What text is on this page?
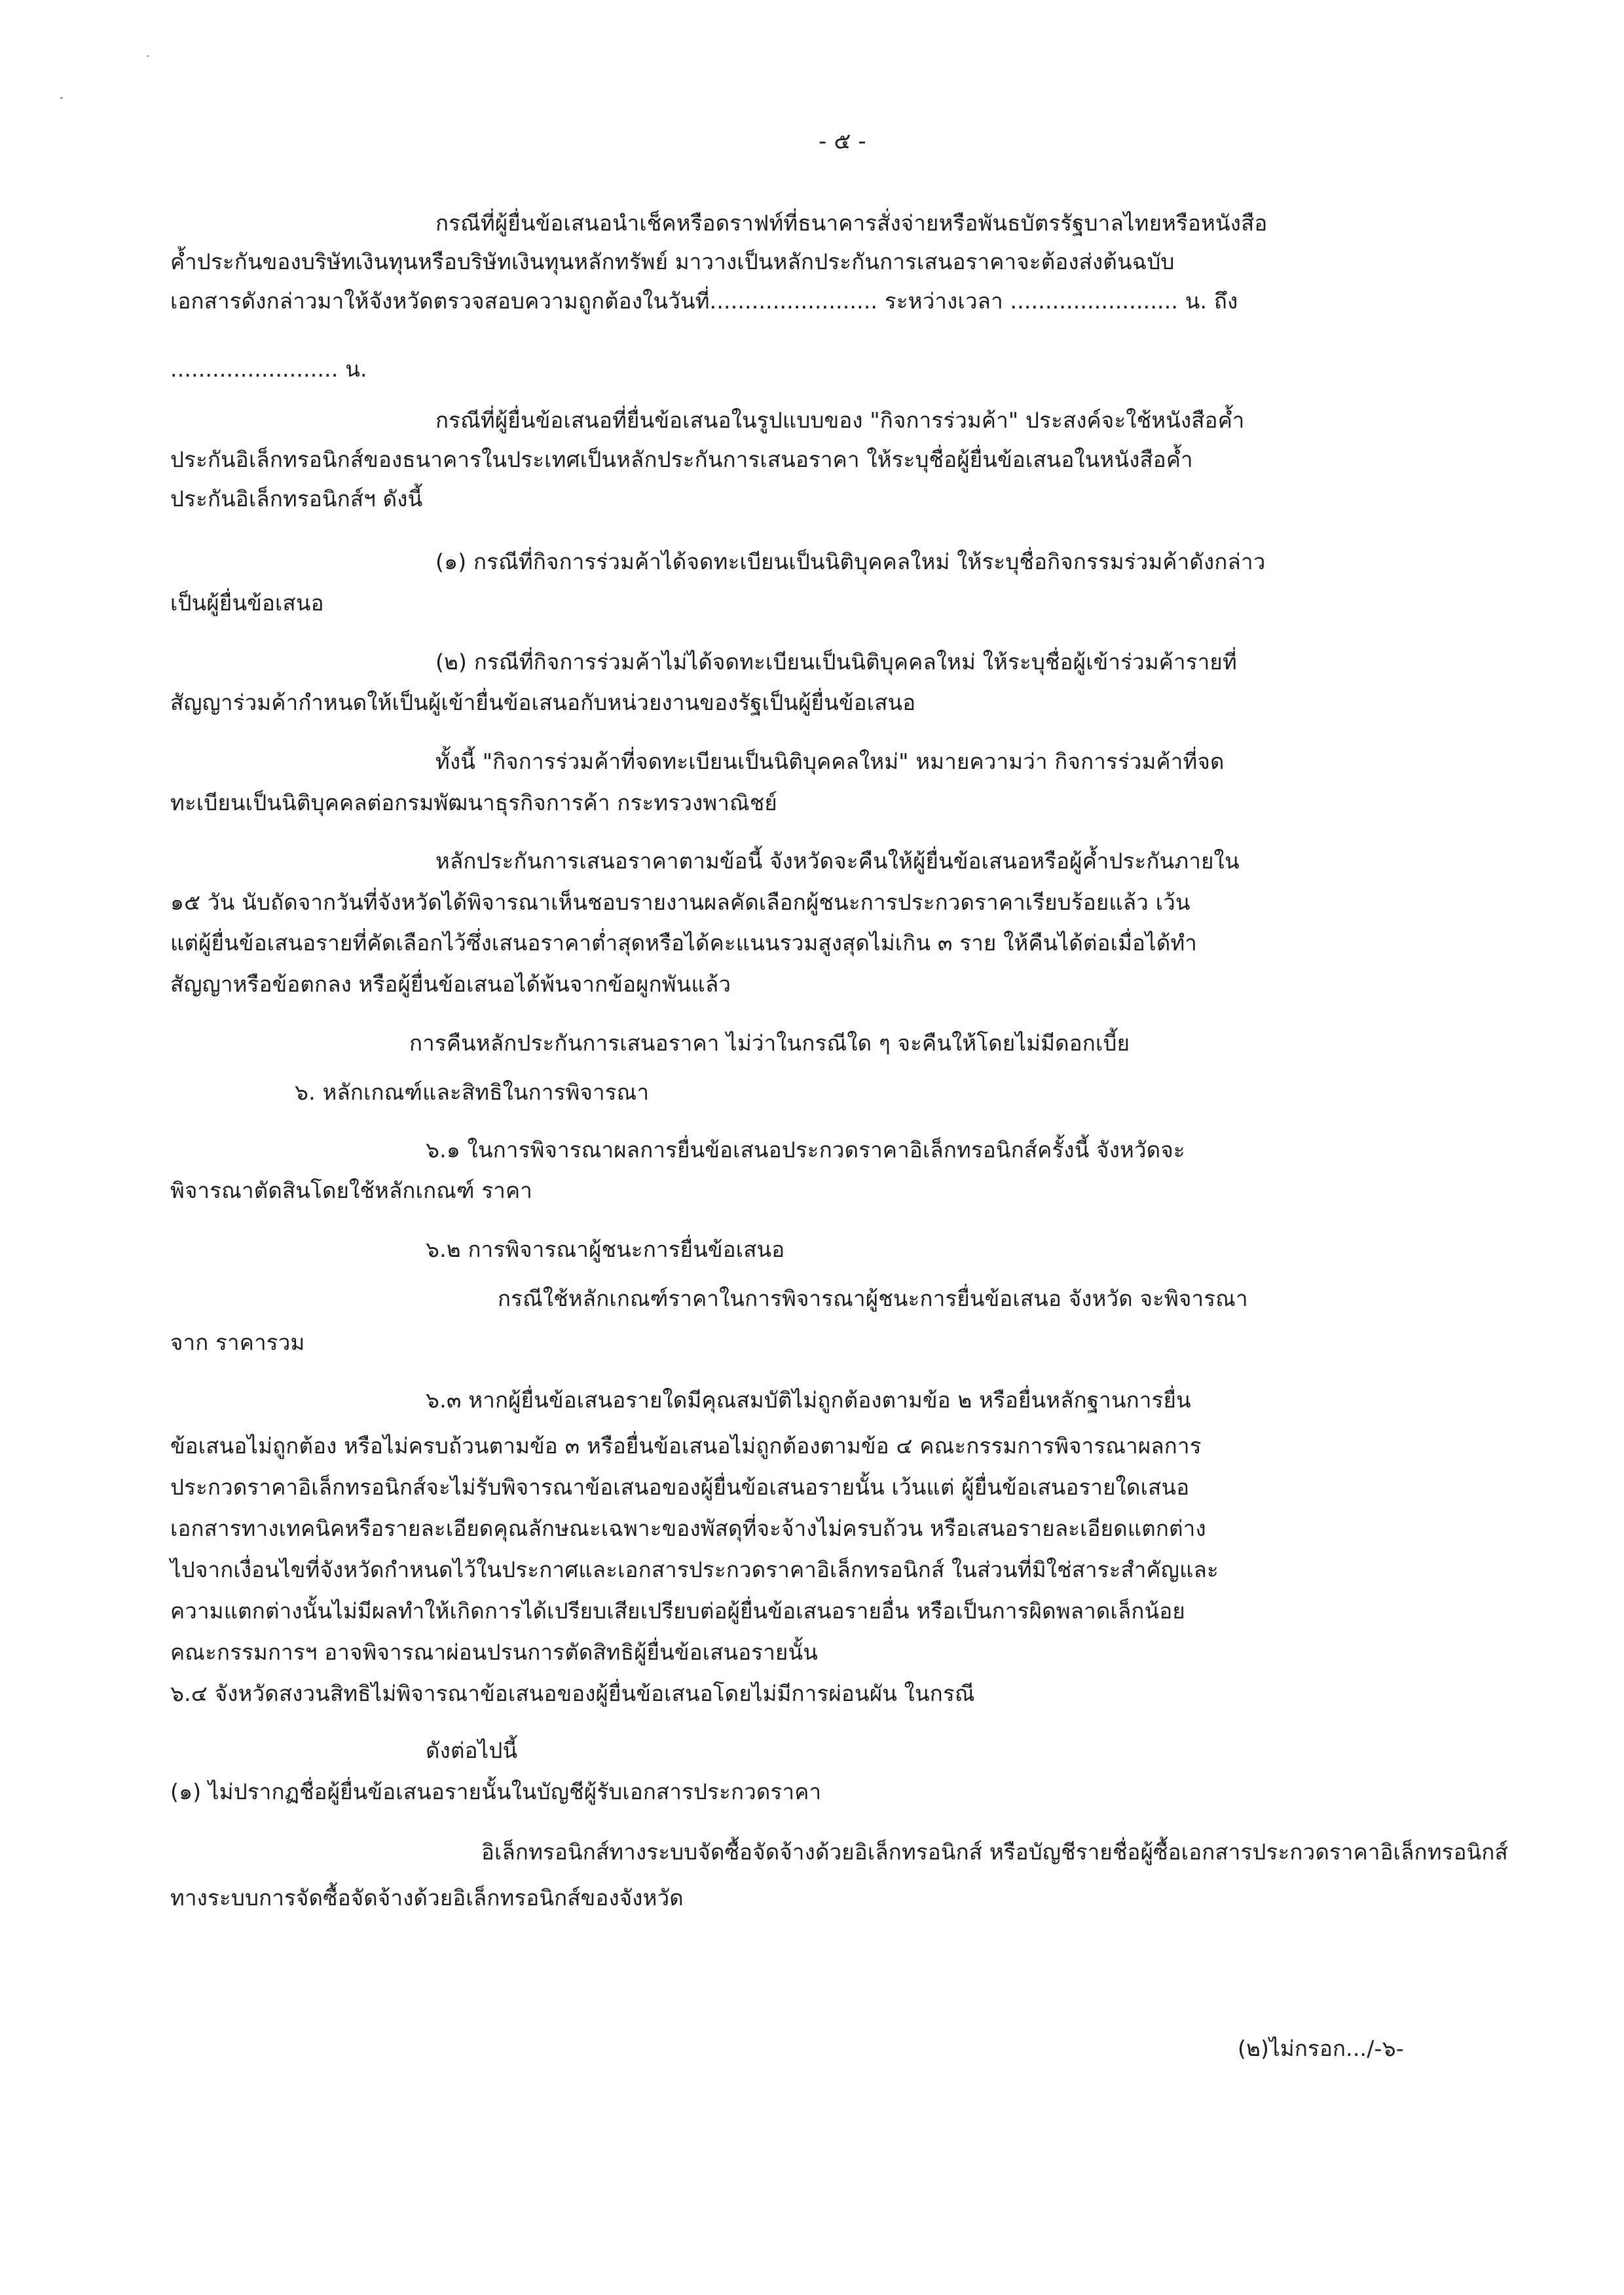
- ๕ -

กรณีที่ผู้ยื่นข้อเสนอนำเช็คหรือดราฟท์ที่ธนาคารสั่งจ่ายหรือพันธบัตรรัฐบาลไทยหรือหนังสือ

ค้ำประกันของบริษัทเงินทุนหรือบริษัทเงินทุนหลักทรัพย์ มาวางเป็นหลักประกันการเสนอราคาจะต้องส่งต้นฉบับ

เอกสารดังกล่าวมาให้จังหวัดตรวจสอบความถูกต้องในวันที่........................ ระหว่างเวลา ........................ น. ถึง

........................ น.

กรณีที่ผู้ยื่นข้อเสนอที่ยื่นข้อเสนอในรูปแบบของ "กิจการร่วมค้า" ประสงค์จะใช้หนังสือค้ำ

ประกันอิเล็กทรอนิกส์ของธนาคารในประเทศเป็นหลักประกันการเสนอราคา ให้ระบุชื่อผู้ยื่นข้อเสนอในหนังสือค้ำ

ประกันอิเล็กทรอนิกส์ฯ ดังนี้

(๑) กรณีที่กิจการร่วมค้าได้จดทะเบียนเป็นนิติบุคคลใหม่ ให้ระบุชื่อกิจกรรมร่วมค้าดังกล่าว

เป็นผู้ยื่นข้อเสนอ

(๒) กรณีที่กิจการร่วมค้าไม่ได้จดทะเบียนเป็นนิติบุคคลใหม่ ให้ระบุชื่อผู้เข้าร่วมค้ารายที่

สัญญาร่วมค้ากำหนดให้เป็นผู้เข้ายื่นข้อเสนอกับหน่วยงานของรัฐเป็นผู้ยื่นข้อเสนอ

ทั้งนี้ "กิจการร่วมค้าที่จดทะเบียนเป็นนิติบุคคลใหม่" หมายความว่า กิจการร่วมค้าที่จด

ทะเบียนเป็นนิติบุคคลต่อกรมพัฒนาธุรกิจการค้า กระทรวงพาณิชย์

หลักประกันการเสนอราคาตามข้อนี้ จังหวัดจะคืนให้ผู้ยื่นข้อเสนอหรือผู้ค้ำประกันภายใน

๑๕ วัน นับถัดจากวันที่จังหวัดได้พิจารณาเห็นชอบรายงานผลคัดเลือกผู้ชนะการประกวดราคาเรียบร้อยแล้ว เว้น

แต่ผู้ยื่นข้อเสนอรายที่คัดเลือกไว้ซึ่งเสนอราคาต่ำสุดหรือได้คะแนนรวมสูงสุดไม่เกิน ๓ ราย ให้คืนได้ต่อเมื่อได้ทำ

สัญญาหรือข้อตกลง หรือผู้ยื่นข้อเสนอได้พ้นจากข้อผูกพันแล้ว

การคืนหลักประกันการเสนอราคา ไม่ว่าในกรณีใด ๆ จะคืนให้โดยไม่มีดอกเบี้ย

๖. หลักเกณฑ์และสิทธิในการพิจารณา

๖.๑ ในการพิจารณาผลการยื่นข้อเสนอประกวดราคาอิเล็กทรอนิกส์ครั้งนี้ จังหวัดจะ

พิจารณาตัดสินโดยใช้หลักเกณฑ์ ราคา

๖.๒ การพิจารณาผู้ชนะการยื่นข้อเสนอ

กรณีใช้หลักเกณฑ์ราคาในการพิจารณาผู้ชนะการยื่นข้อเสนอ จังหวัด จะพิจารณา

จาก ราคารวม

๖.๓ หากผู้ยื่นข้อเสนอรายใดมีคุณสมบัติไม่ถูกต้องตามข้อ ๒ หรือยื่นหลักฐานการยื่น

ข้อเสนอไม่ถูกต้อง หรือไม่ครบถ้วนตามข้อ ๓ หรือยื่นข้อเสนอไม่ถูกต้องตามข้อ ๔ คณะกรรมการพิจารณาผลการ

ประกวดราคาอิเล็กทรอนิกส์จะไม่รับพิจารณาข้อเสนอของผู้ยื่นข้อเสนอรายนั้น เว้นแต่ ผู้ยื่นข้อเสนอรายใดเสนอ

เอกสารทางเทคนิคหรือรายละเอียดคุณลักษณะเฉพาะของพัสดุที่จะจ้างไม่ครบถ้วน หรือเสนอรายละเอียดแตกต่าง

ไปจากเงื่อนไขที่จังหวัดกำหนดไว้ในประกาศและเอกสารประกวดราคาอิเล็กทรอนิกส์ ในส่วนที่มิใช่สาระสำคัญและ

ความแตกต่างนั้นไม่มีผลทำให้เกิดการได้เปรียบเสียเปรียบต่อผู้ยื่นข้อเสนอรายอื่น หรือเป็นการผิดพลาดเล็กน้อย

คณะกรรมการฯ อาจพิจารณาผ่อนปรนการตัดสิทธิผู้ยื่นข้อเสนอรายนั้น

๖.๔ จังหวัดสงวนสิทธิไม่พิจารณาข้อเสนอของผู้ยื่นข้อเสนอโดยไม่มีการผ่อนผัน ในกรณี

ดังต่อไปนี้

(๑) ไม่ปรากฏชื่อผู้ยื่นข้อเสนอรายนั้นในบัญชีผู้รับเอกสารประกวดราคา

อิเล็กทรอนิกส์ทางระบบจัดซื้อจัดจ้างด้วยอิเล็กทรอนิกส์ หรือบัญชีรายชื่อผู้ซื้อเอกสารประกวดราคาอิเล็กทรอนิกส์

ทางระบบการจัดซื้อจัดจ้างด้วยอิเล็กทรอนิกส์ของจังหวัด

(๒)ไม่กรอก.../-๖-
